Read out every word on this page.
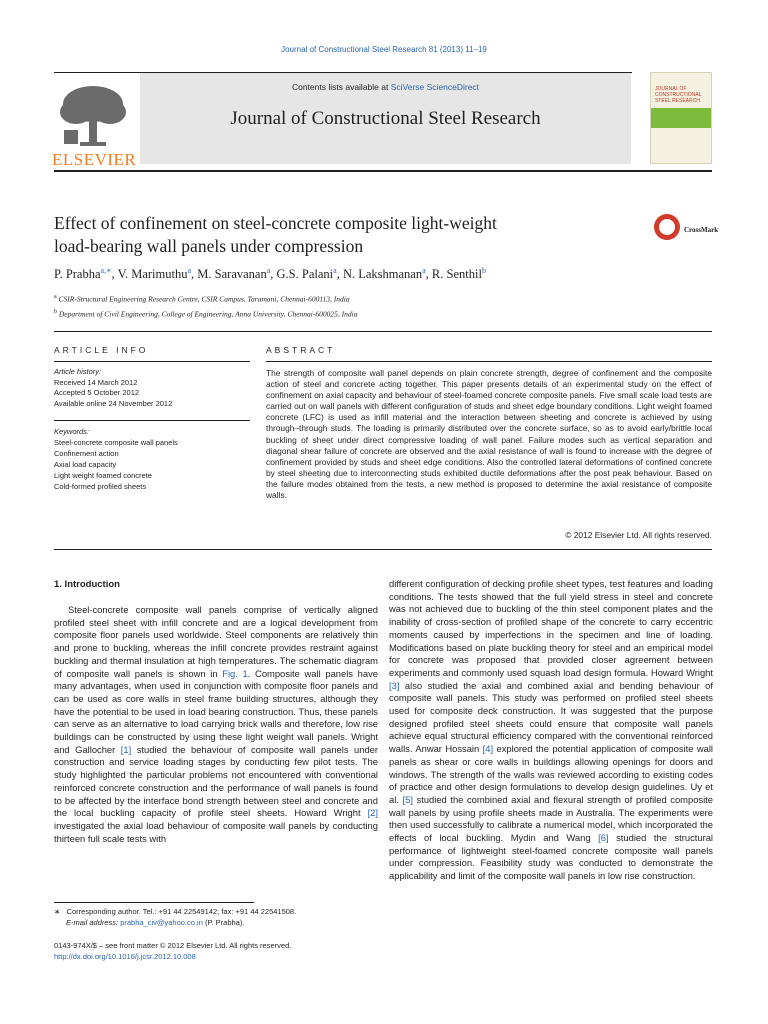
Journal of Constructional Steel Research 81 (2013) 11–19
Contents lists available at SciVerse ScienceDirect
Journal of Constructional Steel Research
ELSEVIER
JOURNAL OF CONSTRUCTIONAL STEEL RESEARCH
Effect of confinement on steel-concrete composite light-weight
load-bearing wall panels under compression
CrossMark
P. Prabha$^{a,∗}$, V. Marimuthu$^a$, M. Saravanan$^a$, G.S. Palani$^a$, N. Lakshmanan$^a$, R. Senthil$^b$
$^a$ CSIR-Structural Engineering Research Centre, CSIR Campus, Taramani, Chennai-600113, India
$^b$ Department of Civil Engineering, College of Engineering, Anna University, Chennai-600025, India
ARTICLE INFO	ABSTRACT
Article history:
Received 14 March 2012
Accepted 5 October 2012
Available online 24 November 2012
Keywords:
Steel-concrete composite wall panels
Confinement action
Axial load capacity
Light weight foamed concrete
Cold-formed profiled sheets
The strength of composite wall panel depends on plain concrete strength, degree of confinement and the composite action of steel and concrete acting together. This paper presents details of an experimental study on the effect of confinement on axial capacity and behaviour of steel-foamed concrete composite panels. Five small scale load tests are carried out on wall panels with different configuration of studs and sheet edge boundary conditions. Light weight foamed concrete (LFC) is used as infill material and the interaction between sheeting and concrete is achieved by using through–through studs. The loading is primarily distributed over the concrete surface, so as to avoid early/brittle local buckling of sheet under direct compressive loading of wall panel. Failure modes such as vertical separation and diagonal shear failure of concrete are observed and the axial resistance of wall is found to increase with the degree of confinement provided by studs and sheet edge conditions. Also the controlled lateral deformations of confined concrete by steel sheeting due to interconnecting studs exhibited ductile deformations after the post peak behaviour. Based on the failure modes obtained from the tests, a new method is proposed to determine the axial resistance of composite walls.
© 2012 Elsevier Ltd. All rights reserved.
1. Introduction

Steel-concrete composite wall panels comprise of vertically aligned profiled steel sheet with infill concrete and are a logical development from composite floor panels used worldwide. Steel components are relatively thin and prone to buckling, whereas the infill concrete provides restraint against buckling and thermal insulation at high temperatures. The schematic diagram of composite wall panels is shown in Fig. 1. Composite wall panels have many advantages, when used in conjunction with composite floor panels and can be used as core walls in steel frame building structures, although they have the potential to be used in load bearing construction. Thus, these panels can serve as an alternative to load carrying brick walls and therefore, low rise buildings can be constructed by using these light weight wall panels. Wright and Gallocher [1] studied the behaviour of composite wall panels under construction and service loading stages by conducting few pilot tests. The study highlighted the particular problems not encountered with conventional reinforced concrete construction and the performance of wall panels is found to be affected by the interface bond strength between steel and concrete and the local buckling capacity of profile steel sheets. Howard Wright [2] investigated the axial load behaviour of composite wall panels by conducting thirteen full scale tests with

different configuration of decking profile sheet types, test features and loading conditions. The tests showed that the full yield stress in steel and concrete was not achieved due to buckling of the thin steel component plates and the inability of cross-section of profiled shape of the concrete to carry eccentric moments caused by imperfections in the specimen and line of loading. Modifications based on plate buckling theory for steel and an empirical model for concrete was proposed that provided closer agreement between experiments and commonly used squash load design formula. Howard Wright [3] also studied the axial and combined axial and bending behaviour of composite wall panels. This study was performed on profiled steel sheets used for composite deck construction. It was suggested that the purpose designed profiled steel sheets could ensure that composite wall panels achieve equal structural efficiency compared with the conventional reinforced walls. Anwar Hossain [4] explored the potential application of composite wall panels as shear or core walls in buildings allowing openings for doors and windows. The strength of the walls was reviewed according to existing codes of practice and other design formulations to develop design guidelines. Uy et al. [5] studied the combined axial and flexural strength of profiled composite wall panels by using profile sheets made in Australia. The experiments were then used successfully to calibrate a numerical model, which incorporated the effects of local buckling. Mydin and Wang [6] studied the structural performance of lightweight steel-foamed concrete composite wall panels under compression. Feasibility study was conducted to demonstrate the applicability and limit of the composite wall panels in low rise construction.

∗ Corresponding author. Tel.: +91 44 22549142; fax: +91 44 22541508.
E-mail address: prabha_civ@yahoo.co.in (P. Prabha).
0143-974X/$ – see front matter © 2012 Elsevier Ltd. All rights reserved.
http://dx.doi.org/10.1016/j.jcsr.2012.10.008
